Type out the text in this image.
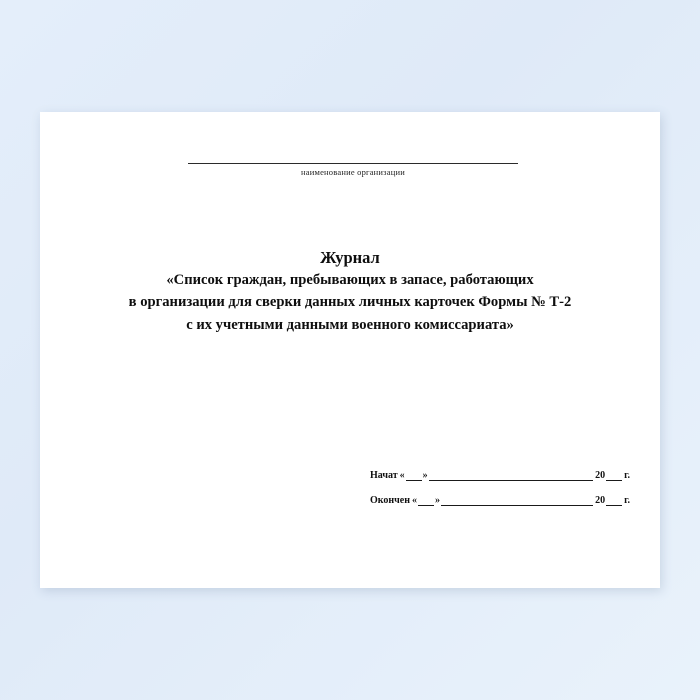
наименование организации
Журнал
«Список граждан, пребывающих в запасе, работающих
в организации для сверки данных личных карточек Формы № Т-2
с их учетными данными военного комиссариата»
Начат « »	20 г.
Окончен « »	20 г.
